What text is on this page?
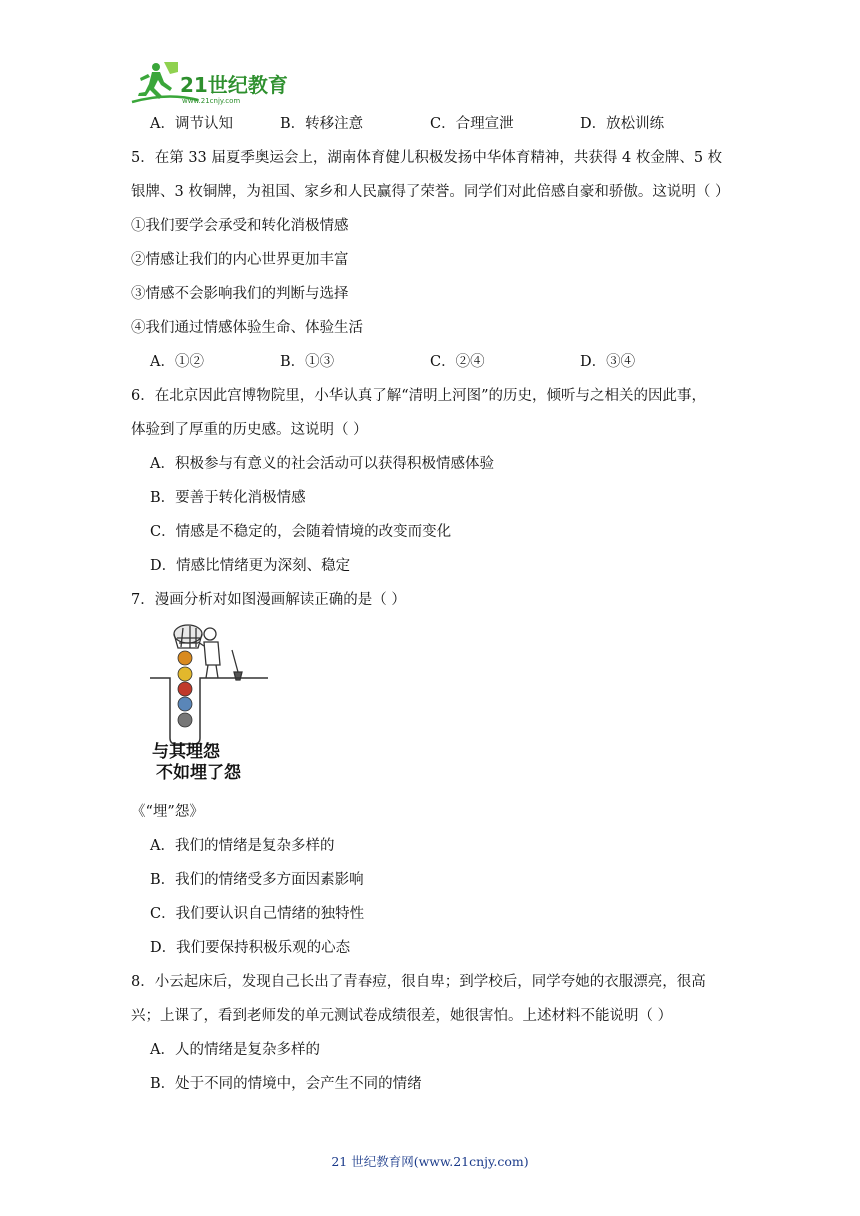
21世纪教育
www.21cnjy.com
A．调节认知	B．转移注意	C．合理宣泄	D．放松训练
5．在第 33 届夏季奥运会上，湖南体育健儿积极发扬中华体育精神，共获得 4 枚金牌、5 枚
银牌、3 枚铜牌，为祖国、家乡和人民赢得了荣誉。同学们对此倍感自豪和骄傲。这说明（ ）
①我们要学会承受和转化消极情感
②情感让我们的内心世界更加丰富
③情感不会影响我们的判断与选择
④我们通过情感体验生命、体验生活
A．①②	B．①③	C．②④	D．③④
6．在北京因此宫博物院里，小华认真了解“清明上河图”的历史，倾听与之相关的因此事，
体验到了厚重的历史感。这说明（ ）
A．积极参与有意义的社会活动可以获得积极情感体验
B．要善于转化消极情感
C．情感是不稳定的，会随着情境的改变而变化
D．情感比情绪更为深刻、稳定
7．漫画分析对如图漫画解读正确的是（ ）
与其埋怨
不如埋了怨
《“埋”怨》
A．我们的情绪是复杂多样的
B．我们的情绪受多方面因素影响
C．我们要认识自己情绪的独特性
D．我们要保持积极乐观的心态
8．小云起床后，发现自己长出了青春痘，很自卑；到学校后，同学夸她的衣服漂亮，很高
兴；上课了，看到老师发的单元测试卷成绩很差，她很害怕。上述材料不能说明（ ）
A．人的情绪是复杂多样的
B．处于不同的情境中，会产生不同的情绪
21 世纪教育网(www.21cnjy.com)
